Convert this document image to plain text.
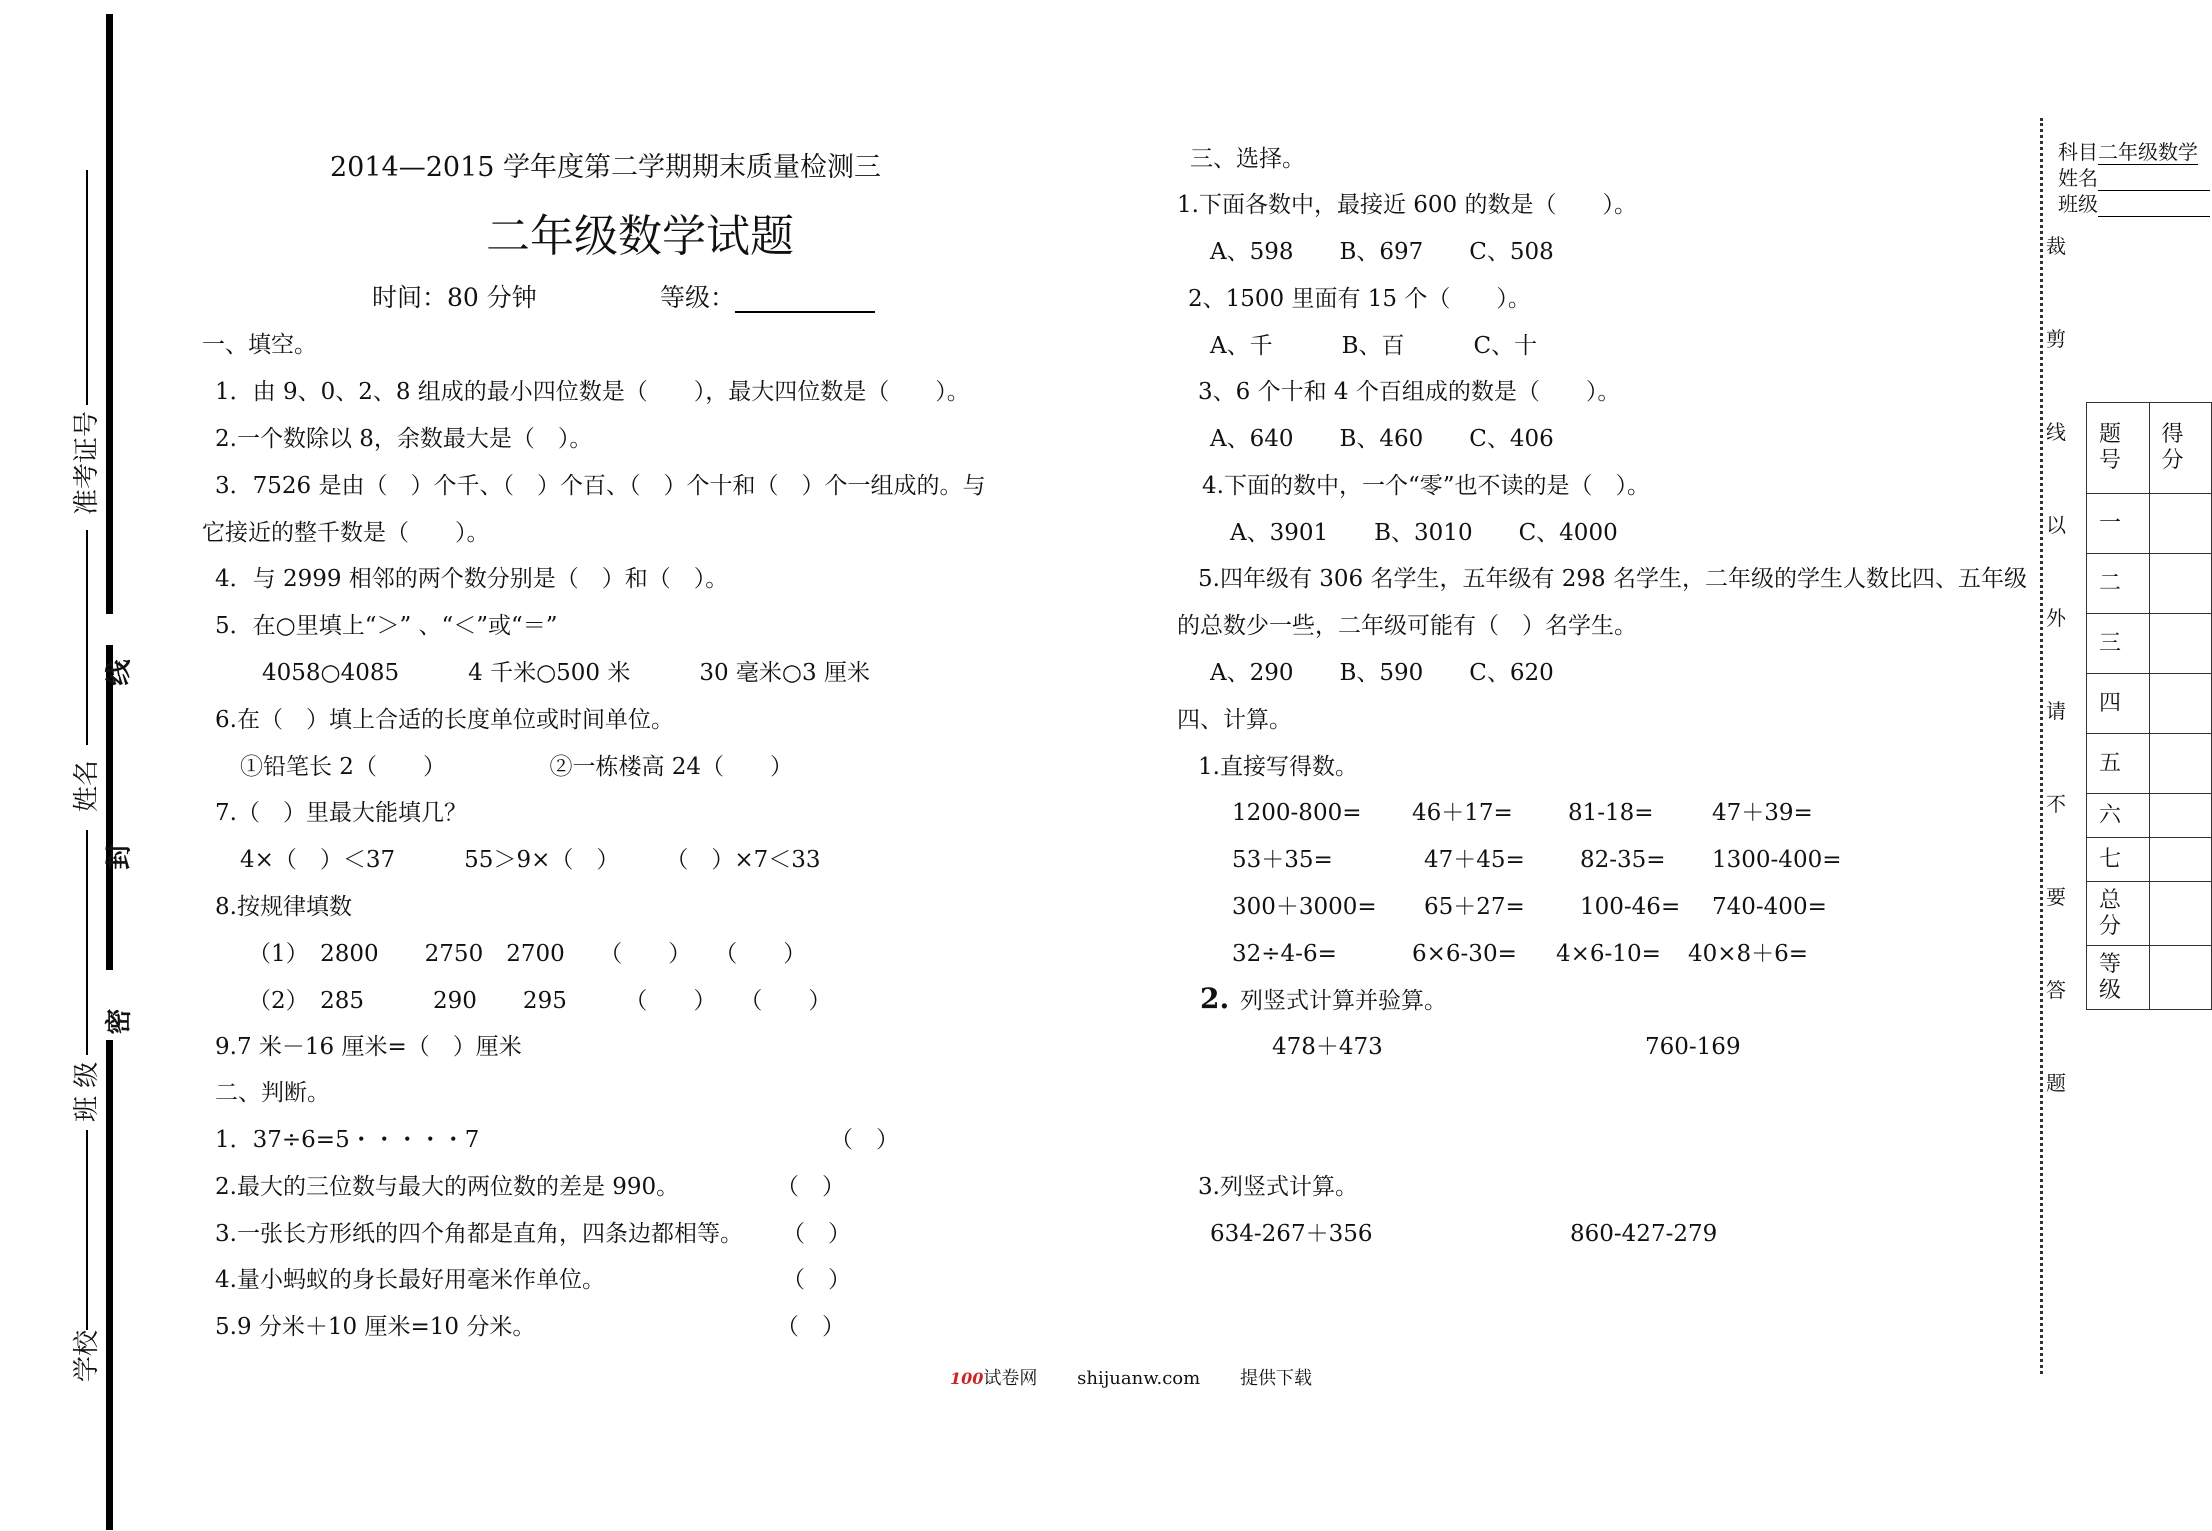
线
封
密
准考证号
姓名
班 级
学校
2014—2015 学年度第二学期期末质量检测三
二年级数学试题
时间：80 分钟	等级：
一、填空。
1．由 9、0、2、8 组成的最小四位数是（　　），最大四位数是（　　）。
2.一个数除以 8，余数最大是（　）。
3．7526 是由（　）个千、（　）个百、（　）个十和（　）个一组成的。与
它接近的整千数是（　　）。
4．与 2999 相邻的两个数分别是（　）和（　）。
5．在○里填上“＞” 、“＜”或“＝”
4058○4085　　　4 千米○500 米　　　30 毫米○3 厘米
6.在（　）填上合适的长度单位或时间单位。
①铅笔长 2（　　）　　　　　②一栋楼高 24（　　）
7.（　）里最大能填几？
4×（　）＜37　　　55＞9×（　）　　　（　）×7＜33
8.按规律填数
（1）　2800　　2750　2700　　（　　）　　（　　）
（2）　285　　　290　　295　　　（　　）　　（　　）
9.7 米－16 厘米=（　）厘米
二、判断。
1．37÷6=5・・・・・7	（　）
2.最大的三位数与最大的两位数的差是 990。	（　）
3.一张长方形纸的四个角都是直角，四条边都相等。 （　）
4.量小蚂蚁的身长最好用毫米作单位。	（　）
5.9 分米＋10 厘米=10 分米。	（　）
三、选择。
1.下面各数中，最接近 600 的数是（　　）。
A、598　　B、697　　C、508
2、1500 里面有 15 个（　　）。
A、千　　　B、百　　　C、十
3、6 个十和 4 个百组成的数是（　　）。
A、640　　B、460　　C、406
4.下面的数中，一个“零”也不读的是（　）。
A、3901　　B、3010　　C、4000
5.四年级有 306 名学生，五年级有 298 名学生，二年级的学生人数比四、五年级
的总数少一些，二年级可能有（　）名学生。
A、290　　B、590　　C、620
四、计算。
1.直接写得数。
1200-800= 46＋17= 81-18=	47＋39=
53＋35=	47＋45= 82-35= 1300-400=
300＋3000= 65＋27= 100-46= 740-400=
32÷4-6=	6×6-30= 4×6-10= 40×8＋6=
2. 列竖式计算并验算。
478＋473	760-169
3.列竖式计算。
634-267＋356	860-427-279
100试卷网 shijuanw.com 提供下载
科目二年级数学
姓名
班级
裁
剪
线
以
外
请
不
要
答
题
题号	得分
一	
二	
三	
四	
五	
六	
七	
总分	
等级	
